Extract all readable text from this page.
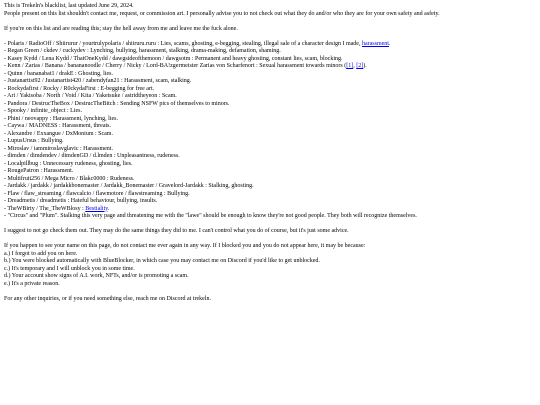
This is Trekeln's blacklist, last updated June 29, 2024.
People present on this list shouldn't contact me, request, or commission art. I personally advise you to not check out what they do and/or who they are for your own safety and asfety.
If you're on this list and are reading this; stay the hell away from me and leave me the fuck alone.
- Polaris / RadioOff / Shiirurur / yourtrulypolaris / shiiruru.ruru : Lies, scams, ghosting, e-begging, stealing, illegal sale of a character design I made, harassment.
- Regan Green / ckdev / cuckydev : Lynching, bullying, harassment, stalking, drama-making, defamation, shaming.
- Kasey Kydd / Lena Kydd / ThatOneKydd / dawgsideofthemoon / dawgsotm : Permanent and heavy ghosting, constant lies, scam, blocking.
- Kenn / Zarias / Banana / banananoodle / Cherry / Nicky / Lord-BA!zgermeister Zarias von Scharfenort : Sexual harassment towards minors ([1], [2]).
- Quinn / bananabat1 / drakE : Ghosting, lies.
- Justanartist92 / Justanartist420 / zabendyfan21 : Harassment, scam, stalking.
- Rockydafirst / Rocky / R0ckydaFirst : E-begging for free art.
- Ari / Yakisoba / North / Void / Kita / Yaketsuke / astridtheyeon : Scam.
- Pandora / DestrucTheBox / DestrucTheBitch : Sending NSFW pics of themselves to minors.
- Spooky / infinite_object : Lies.
- Phini / neovappy : Harassment, lynching, lies.
- Caywa / MADNESS : Harassment, threats.
- Alexandre / Exxangue / DxMonium : Scam.
- LupusUrsus : Bullying.
- Miroslav / iammiroslavglavic : Harassment.
- dimden / dimdendev / dimdenGD / d.lmden : Unpleasantness, rudeness.
- Localpillbug : Unnecessary rudeness, ghosting, lies.
- RougePatron : Harassment.
- Multifruit256 / Mega Micro / Blakc0000 : Rudeness.
- Jardakk / jardakk / jardakkbonemaster / Jardakk_Bonemaster / Gravelord-Jardakk : Stalking, ghosting.
- Flaw / flaw_streaming / flawcalcio / flawmotore / flawstreaming : Bullying.
- Dreadmetis / dreadmetis : Hateful behaviour, bullying, insults.
- TheWBirty / The_TheWBlosy : Bestiality.
- "Circus" and "Plum". Stalking this very page and threatening me with the "lawe" should be enough to know they're not good people. They both will recognize themselves.
I suggest to not go check them out. They may do the same things they did to me. I can't control what you do of course, but it's just some advice.
If you happen to see your name on this page, do not contact me ever again in any way. If I blocked you and you do not appear here, it may be because:
a.) I forgot to add you on here.
b.) You were blocked automatically with BlueBlocker, in which case you may contact me on Discord if you'd like to get unblocked.
c.) It's temporary and I will unblock you in some time.
d.) Your account show signs of A.I. work, NFTs, and/or is promoting a scam.
e.) It's a private reason.
For any other inquiries, or if you need something else, reach me on Discord at trekeln.
